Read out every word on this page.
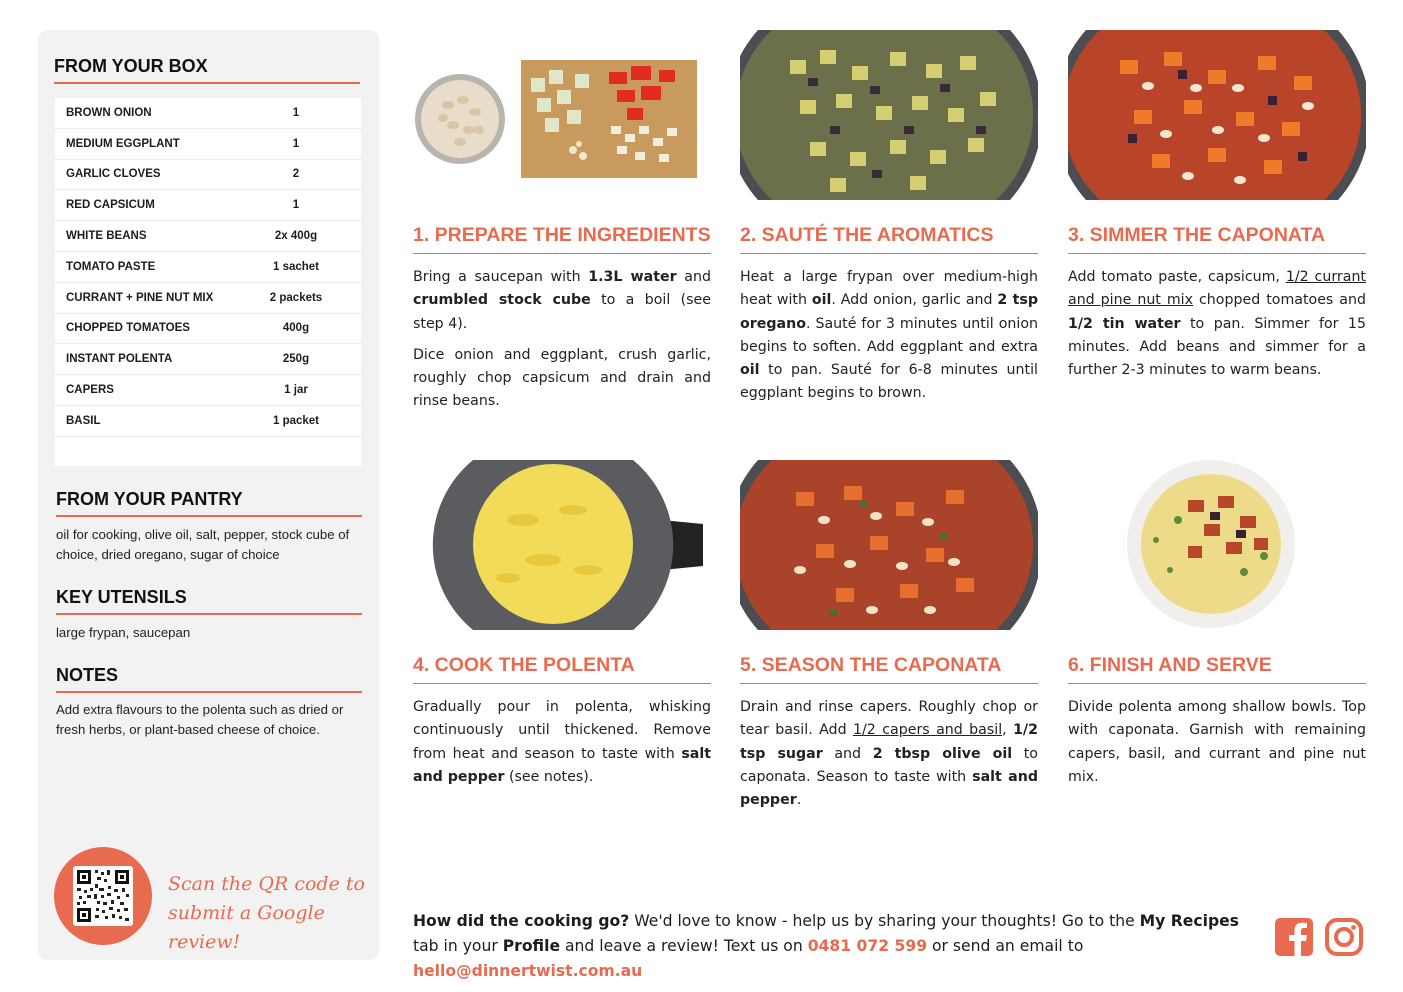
FROM YOUR BOX
BROWN ONION	1
MEDIUM EGGPLANT	1
GARLIC CLOVES	2
RED CAPSICUM	1
WHITE BEANS	2x 400g
TOMATO PASTE	1 sachet
CURRANT + PINE NUT MIX	2 packets
CHOPPED TOMATOES	400g
INSTANT POLENTA	250g
CAPERS	1 jar
BASIL	1 packet
FROM YOUR PANTRY
oil for cooking, olive oil, salt, pepper, stock cube of choice, dried oregano, sugar of choice
KEY UTENSILS
large frypan, saucepan
NOTES
Add extra flavours to the polenta such as dried or fresh herbs, or plant-based cheese of choice.
Scan the QR code to
submit a Google review!
1. PREPARE THE INGREDIENTS

Bring a saucepan with 1.3L water and crumbled stock cube to a boil (see step 4).

Dice onion and eggplant, crush garlic, roughly chop capsicum and drain and rinse beans.

2. SAUTÉ THE AROMATICS

Heat a large frypan over medium-high heat with oil. Add onion, garlic and 2 tsp oregano. Sauté for 3 minutes until onion begins to soften. Add eggplant and extra oil to pan. Sauté for 6-8 minutes until eggplant begins to brown.

3. SIMMER THE CAPONATA

Add tomato paste, capsicum, 1/2 currant and pine nut mix chopped tomatoes and 1/2 tin water to pan. Simmer for 15 minutes. Add beans and simmer for a further 2-3 minutes to warm beans.

4. COOK THE POLENTA

Gradually pour in polenta, whisking continuously until thickened. Remove from heat and season to taste with salt and pepper (see notes).

5. SEASON THE CAPONATA

Drain and rinse capers. Roughly chop or tear basil. Add 1/2 capers and basil, 1/2 tsp sugar and 2 tbsp olive oil to caponata. Season to taste with salt and pepper.

6. FINISH AND SERVE

Divide polenta among shallow bowls. Top with caponata. Garnish with remaining capers, basil, and currant and pine nut mix.

How did the cooking go? We'd love to know - help us by sharing your thoughts! Go to the My Recipes tab in your Profile and leave a review! Text us on 0481 072 599 or send an email to hello@dinnertwist.com.au
